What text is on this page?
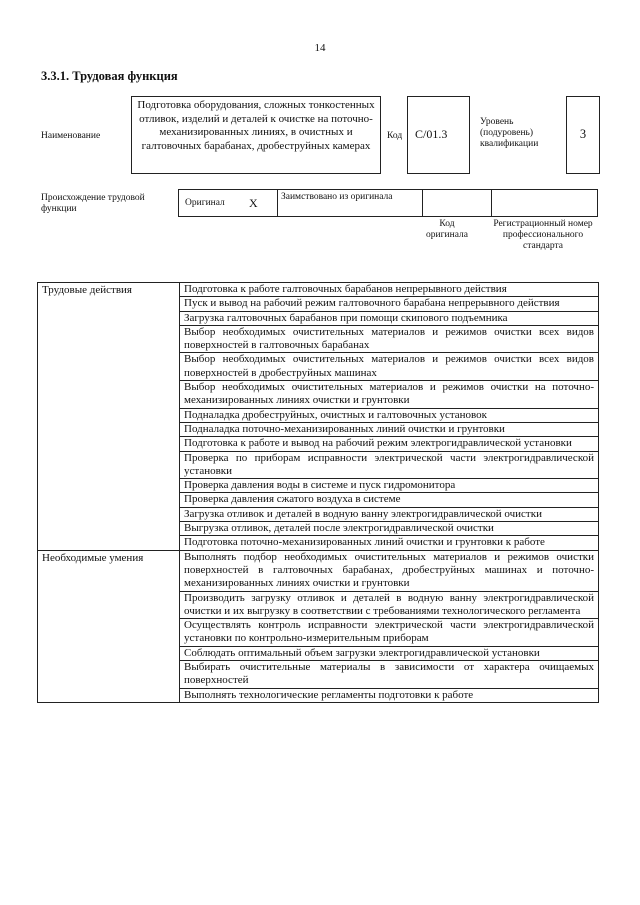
14
3.3.1. Трудовая функция
Наименование
Подготовка оборудования, сложных тонкостенных отливок, изделий и деталей к очистке на поточно-механизированных линиях, в очистных и галтовочных барабанах, дробеструйных камерах
Код	C/01.3
Уровень (подуровень) квалификации
3
Происхождение трудовой функции
Оригинал X Заимствовано из оригинала
Код оригинала
Регистрационный номер профессионального стандарта
Трудовые действия	Подготовка к работе галтовочных барабанов непрерывного действия
	Пуск и вывод на рабочий режим галтовочного барабана непрерывного действия
	Загрузка галтовочных барабанов при помощи скипового подъемника
	Выбор необходимых очистительных материалов и режимов очистки всех видов поверхностей в галтовочных барабанах
	Выбор необходимых очистительных материалов и режимов очистки всех видов поверхностей в дробеструйных машинах
	Выбор необходимых очистительных материалов и режимов очистки на поточно-механизированных линиях очистки и грунтовки
	Подналадка дробеструйных, очистных и галтовочных установок
	Подналадка поточно-механизированных линий очистки и грунтовки
	Подготовка к работе и вывод на рабочий режим электрогидравлической установки
	Проверка по приборам исправности электрической части электрогидравлической установки
	Проверка давления воды в системе и пуск гидромонитора
	Проверка давления сжатого воздуха в системе
	Загрузка отливок и деталей в водную ванну электрогидравлической очистки
	Выгрузка отливок, деталей после электрогидравлической очистки
	Подготовка поточно-механизированных линий очистки и грунтовки к работе
Необходимые умения	Выполнять подбор необходимых очистительных материалов и режимов очистки поверхностей в галтовочных барабанах, дробеструйных машинах и поточно-механизированных линиях очистки и грунтовки
	Производить загрузку отливок и деталей в водную ванну электрогидравлической очистки и их выгрузку в соответствии с требованиями технологического регламента
	Осуществлять контроль исправности электрической части электрогидравлической установки по контрольно-измерительным приборам
	Соблюдать оптимальный объем загрузки электрогидравлической установки
	Выбирать очистительные материалы в зависимости от характера очищаемых поверхностей
	Выполнять технологические регламенты подготовки к работе
